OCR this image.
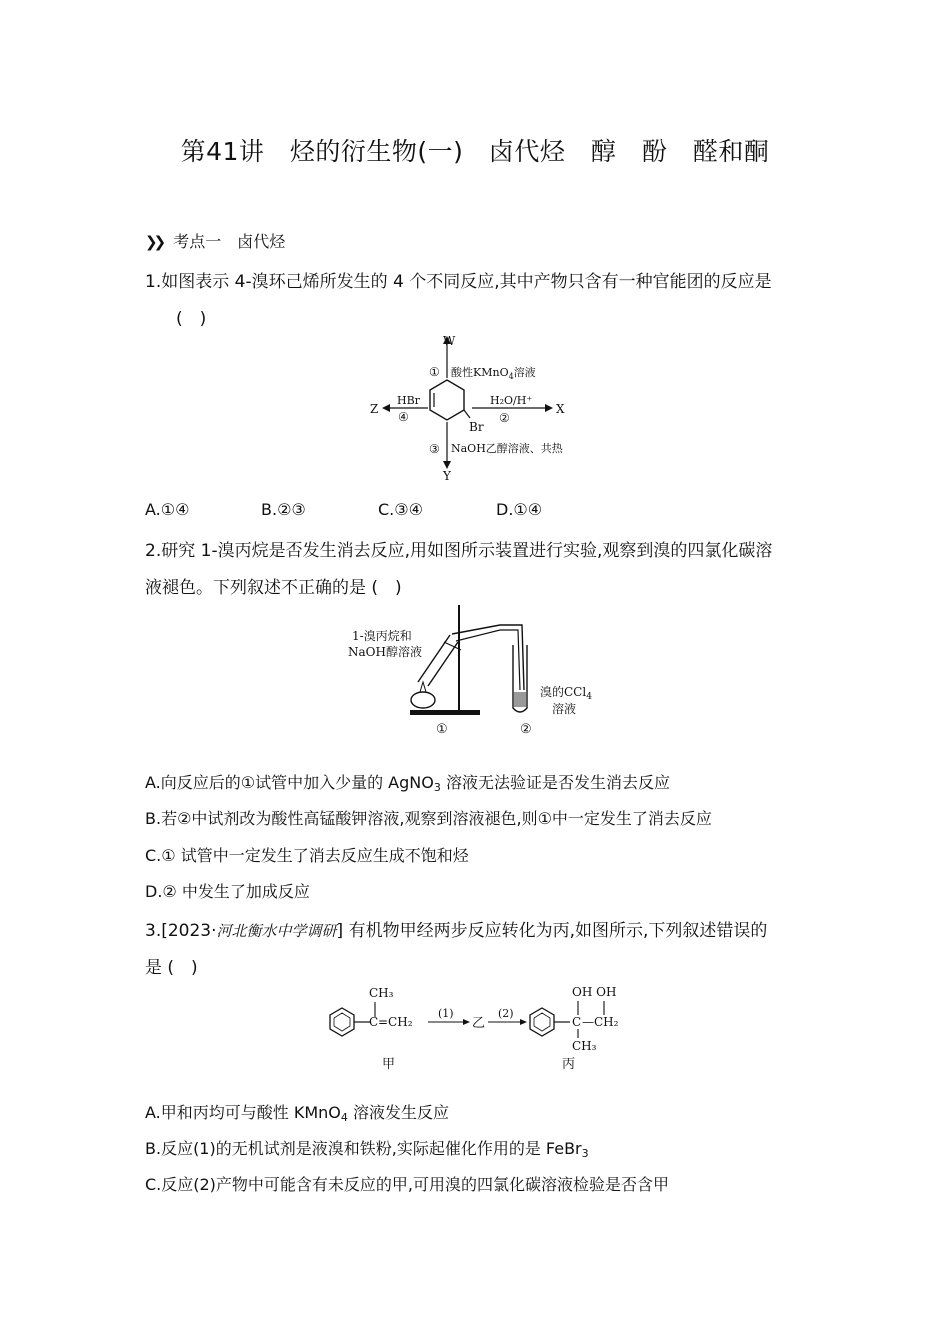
第41讲　烃的衍生物(一)　卤代烃　醇　酚　醛和酮
❯❯ 考点一　卤代烃
1.如图表示 4-溴环己烯所发生的 4 个不同反应,其中产物只含有一种官能团的反应是
(　)
Br
W
① 酸性KMnO$_4$溶液
Z
HBr
④
X
H₂O/H⁺
②
Y
③ NaOH乙醇溶液、共热
A.①④	B.②③	C.③④	D.①④
2.研究 1-溴丙烷是否发生消去反应,用如图所示装置进行实验,观察到溴的四氯化碳溶
液褪色。下列叙述不正确的是 (　)
1-溴丙烷和
NaOH醇溶液
溴的CCl$_4$
溶液
①	②
A.向反应后的①试管中加入少量的 AgNO$_3$ 溶液无法验证是否发生消去反应
B.若②中试剂改为酸性高锰酸钾溶液,观察到溶液褪色,则①中一定发生了消去反应
C.① 试管中一定发生了消去反应生成不饱和烃
D.② 中发生了加成反应
3.[2023·河北衡水中学调研] 有机物甲经两步反应转化为丙,如图所示,下列叙述错误的
是 (　)
CH₃
C =CH₂
甲
(1)
乙
(2)
OH OH
C —CH₂
CH₃
丙
A.甲和丙均可与酸性 KMnO$_4$ 溶液发生反应
B.反应(1)的无机试剂是液溴和铁粉,实际起催化作用的是 FeBr$_3$
C.反应(2)产物中可能含有未反应的甲,可用溴的四氯化碳溶液检验是否含甲
